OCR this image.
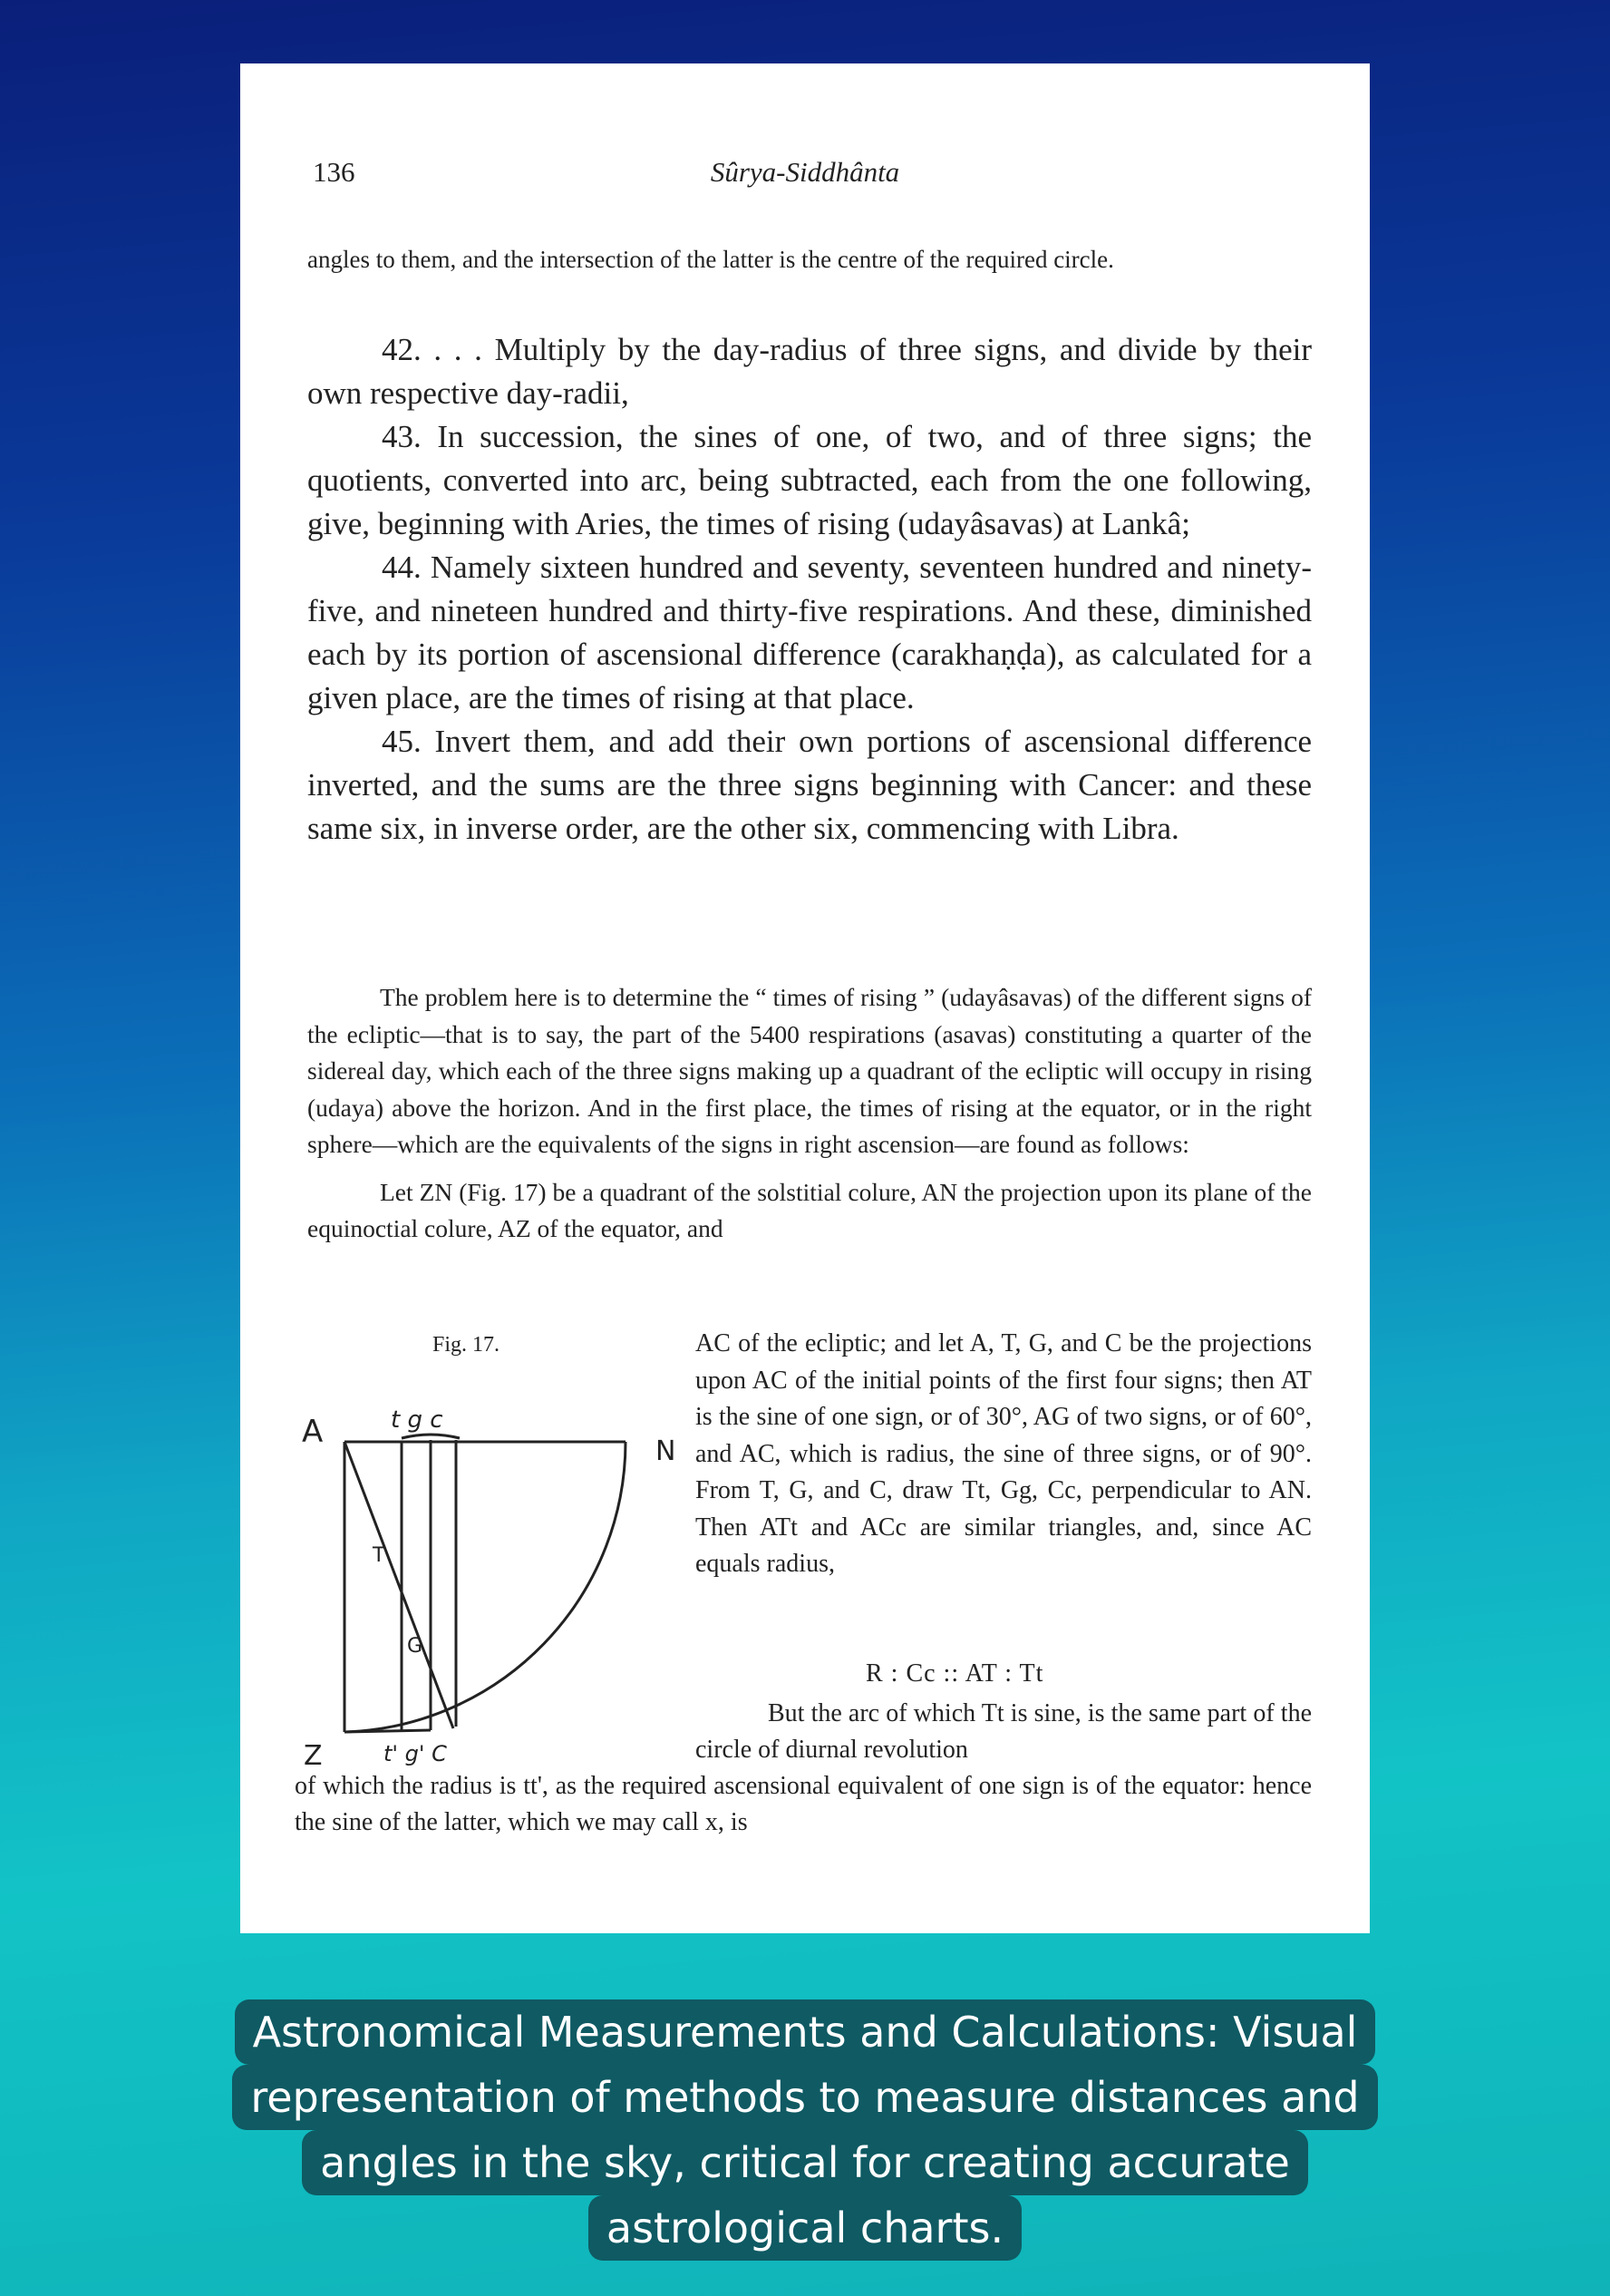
136	Sûrya-Siddhânta
angles to them, and the intersection of the latter is the centre of the required circle.

42. . . . Multiply by the day-radius of three signs, and divide by their own respective day-radii,

43. In succession, the sines of one, of two, and of three signs; the quotients, converted into arc, being subtracted, each from the one following, give, beginning with Aries, the times of rising (udayâsavas) at Lankâ;

44. Namely sixteen hundred and seventy, seventeen hundred and ninety-five, and nineteen hundred and thirty-five respirations. And these, diminished each by its portion of ascensional difference (carakhaṇḍa), as calculated for a given place, are the times of rising at that place.

45. Invert them, and add their own portions of ascensional difference inverted, and the sums are the three signs beginning with Cancer: and these same six, in inverse order, are the other six, commencing with Libra.

The problem here is to determine the “ times of rising ” (udayâsavas) of the different signs of the ecliptic—that is to say, the part of the 5400 respirations (asavas) constituting a quarter of the sidereal day, which each of the three signs making up a quadrant of the ecliptic will occupy in rising (udaya) above the horizon. And in the first place, the times of rising at the equator, or in the right sphere—which are the equivalents of the signs in right ascension—are found as follows:

Let ZN (Fig. 17) be a quadrant of the solstitial colure, AN the projection upon its plane of the equinoctial colure, AZ of the equator, and

Fig. 17.
A
N
Z
T
G
t g c
t' g' C
AC of the ecliptic; and let A, T, G, and C be the projections upon AC of the initial points of the first four signs; then AT is the sine of one sign, or of 30°, AG of two signs, or of 60°, and AC, which is radius, the sine of three signs, or of 90°. From T, G, and C, draw Tt, Gg, Cc, perpendicular to AN. Then ATt and ACc are similar triangles, and, since AC equals radius,
R : Cc :: AT : Tt
But the arc of which Tt is sine, is the same part of the circle of diurnal revolution
of which the radius is tt', as the required ascensional equivalent of one sign is of the equator: hence the sine of the latter, which we may call x, is
Astronomical Measurements and Calculations: Visual
representation of methods to measure distances and
angles in the sky, critical for creating accurate
astrological charts.
